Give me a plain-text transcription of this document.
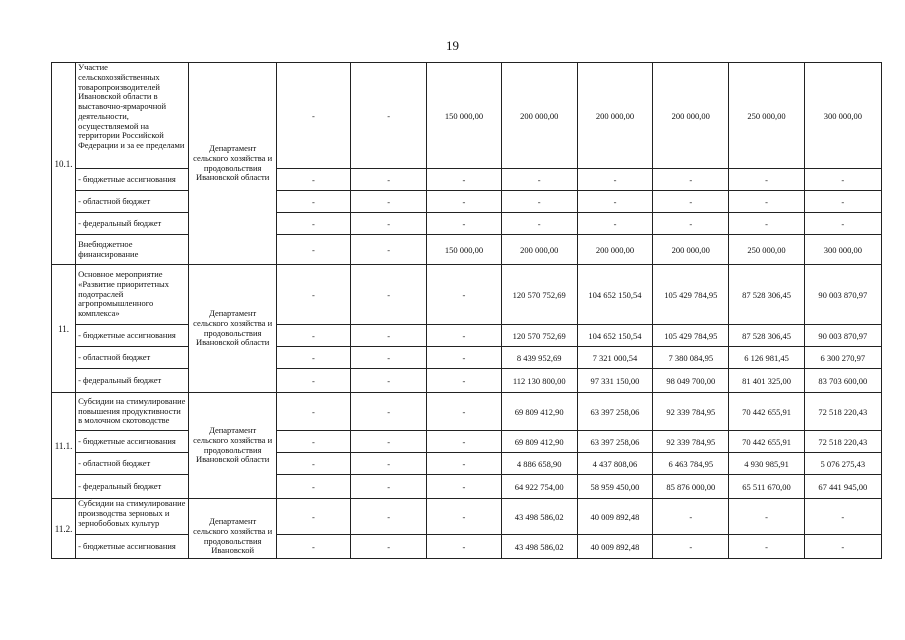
19
10.1.	Участие сельскохозяйственных товаропроизводителей Ивановской области в выставочно-ярмарочной деятельности, осуществляемой на территории Российской Федерации и за ее пределами	Департамент сельского хозяйства и продовольствия Ивановской области	-	-	150 000,00	200 000,00	200 000,00	200 000,00	250 000,00	300 000,00
	- бюджетные ассигнования		-	-	-	-	-	-	-	-
	- областной бюджет		-	-	-	-	-	-	-	-
	- федеральный бюджет		-	-	-	-	-	-	-	-
	Внебюджетное финансирование		-	-	150 000,00	200 000,00	200 000,00	200 000,00	250 000,00	300 000,00
11.	Основное мероприятие «Развитие приоритетных подотраслей агропромышленного комплекса»	Департамент сельского хозяйства и продовольствия Ивановской области	-	-	-	120 570 752,69	104 652 150,54	105 429 784,95	87 528 306,45	90 003 870,97
	- бюджетные ассигнования		-	-	-	120 570 752,69	104 652 150,54	105 429 784,95	87 528 306,45	90 003 870,97
	- областной бюджет		-	-	-	8 439 952,69	7 321 000,54	7 380 084,95	6 126 981,45	6 300 270,97
	- федеральный бюджет		-	-	-	112 130 800,00	97 331 150,00	98 049 700,00	81 401 325,00	83 703 600,00
11.1.	Субсидии на стимулирование повышения продуктивности в молочном скотоводстве	Департамент сельского хозяйства и продовольствия Ивановской области	-	-	-	69 809 412,90	63 397 258,06	92 339 784,95	70 442 655,91	72 518 220,43
	- бюджетные ассигнования		-	-	-	69 809 412,90	63 397 258,06	92 339 784,95	70 442 655,91	72 518 220,43
	- областной бюджет		-	-	-	4 886 658,90	4 437 808,06	6 463 784,95	4 930 985,91	5 076 275,43
	- федеральный бюджет		-	-	-	64 922 754,00	58 959 450,00	85 876 000,00	65 511 670,00	67 441 945,00
11.2.	Субсидии на стимулирование производства зерновых и зернобобовых культур	Департамент сельского хозяйства и продовольствия Ивановской	-	-	-	43 498 586,02	40 009 892,48	-	-	-
	- бюджетные ассигнования		-	-	-	43 498 586,02	40 009 892,48	-	-	-
